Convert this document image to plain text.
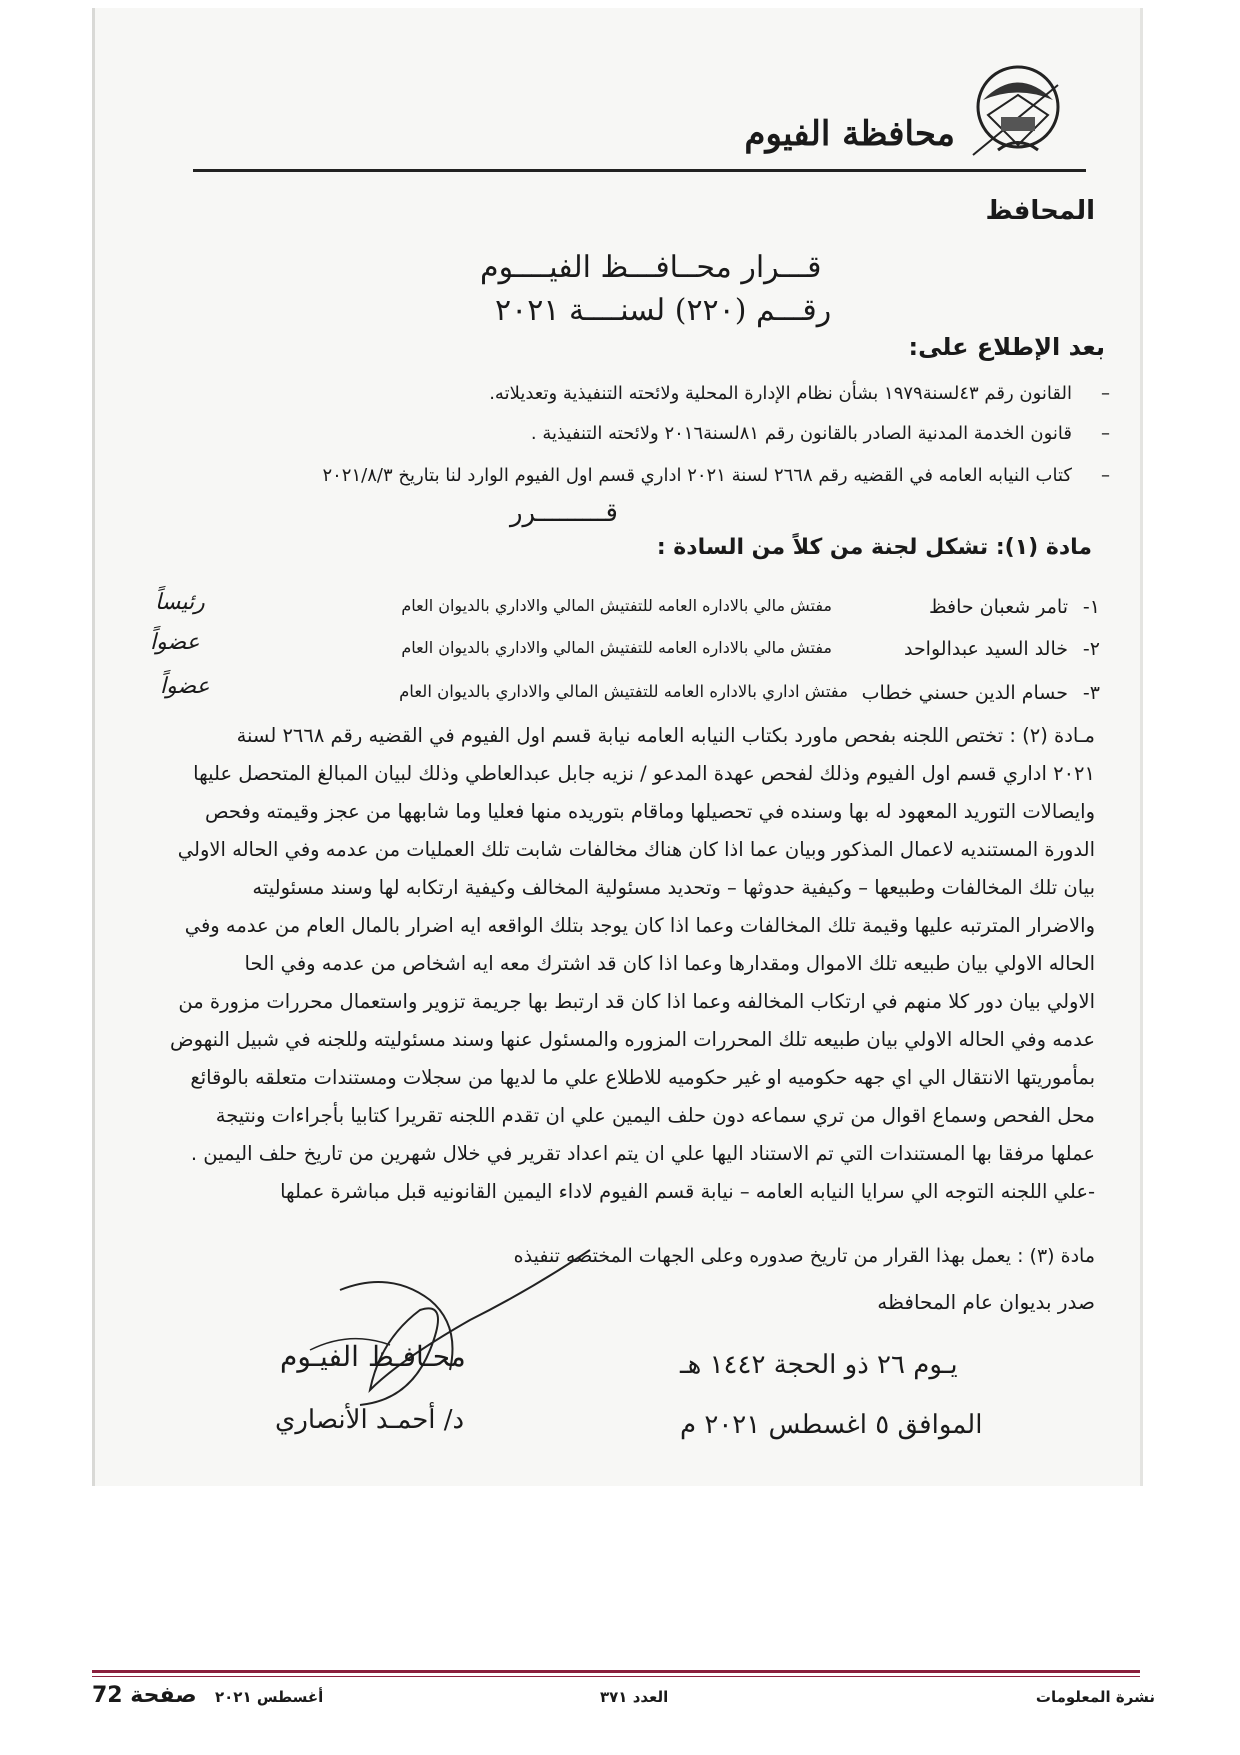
محافظة الفيوم
المحافظ
قـــرار محــافـــظ الفيــــوم
رقـــم (٢٢٠) لسنــــة ٢٠٢١
بعد الإطلاع على:
– القانون رقم ٤٣لسنة١٩٧٩ بشأن نظام الإدارة المحلية ولائحته التنفيذية وتعديلاته.
– قانون الخدمة المدنية الصادر بالقانون رقم ٨١لسنة٢٠١٦ ولائحته التنفيذية .
– كتاب النيابه العامه في القضيه رقم ٢٦٦٨ لسنة ٢٠٢١ اداري قسم اول الفيوم الوارد لنا بتاريخ ٢٠٢١/٨/٣
قـــــــــرر
مادة (١): تشكل لجنة من كلاً من السادة :
١-
تامر شعبان حافظ
مفتش مالي بالاداره العامه للتفتيش المالي والاداري بالديوان العام
رئيساً
٢-
خالد السيد عبدالواحد
مفتش مالي بالاداره العامه للتفتيش المالي والاداري بالديوان العام
عضواً
٣-
حسام الدين حسني خطاب
مفتش اداري بالاداره العامه للتفتيش المالي والاداري بالديوان العام
عضواً
مـادة (٢) : تختص اللجنه بفحص ماورد بكتاب النيابه العامه نيابة قسم اول الفيوم في القضيه رقم ٢٦٦٨ لسنة
٢٠٢١ اداري قسم اول الفيوم وذلك لفحص عهدة المدعو / نزيه جابل عبدالعاطي وذلك لبيان المبالغ المتحصل عليها
وايصالات التوريد المعهود له بها وسنده في تحصيلها وماقام بتوريده منها فعليا وما شابهها من عجز وقيمته وفحص
الدورة المستنديه لاعمال المذكور وبيان عما اذا كان هناك مخالفات شابت تلك العمليات من عدمه وفي الحاله الاولي
بيان تلك المخالفات وطبيعها – وكيفية حدوثها – وتحديد مسئولية المخالف وكيفية ارتكابه لها وسند مسئوليته
والاضرار المترتبه عليها وقيمة تلك المخالفات وعما اذا كان يوجد بتلك الواقعه ايه اضرار بالمال العام من عدمه وفي
الحاله الاولي بيان طبيعه تلك الاموال ومقدارها وعما اذا كان قد اشترك معه ايه اشخاص من عدمه وفي الحا
الاولي بيان دور كلا منهم في ارتكاب المخالفه وعما اذا كان قد ارتبط بها جريمة تزوير واستعمال محررات مزورة من
عدمه وفي الحاله الاولي بيان طبيعه تلك المحررات المزوره والمسئول عنها وسند مسئوليته وللجنه في شبيل النهوض
بمأموريتها الانتقال الي اي جهه حكوميه او غير حكوميه للاطلاع علي ما لديها من سجلات ومستندات متعلقه بالوقائع
محل الفحص وسماع اقوال من تري سماعه دون حلف اليمين علي ان تقدم اللجنه تقريرا كتابيا بأجراءات ونتيجة
عملها مرفقا بها المستندات التي تم الاستناد اليها علي ان يتم اعداد تقرير في خلال شهرين من تاريخ حلف اليمين .
-علي اللجنه التوجه الي سرايا النيابه العامه – نيابة قسم الفيوم لاداء اليمين القانونيه قبل مباشرة عملها
مادة (٣) : يعمل بهذا القرار من تاريخ صدوره وعلى الجهات المختصه تنفيذه
صدر بديوان عام المحافظه
محـافـظ الفيـوم
د/ أحمـد الأنصاري
يـوم ٢٦ ذو الحجة ١٤٤٢ هـ
الموافق ٥ اغسطس ٢٠٢١ م
نشرة المعلومات
العدد ٣٧١
أغسطس ٢٠٢١
صفحة 72
